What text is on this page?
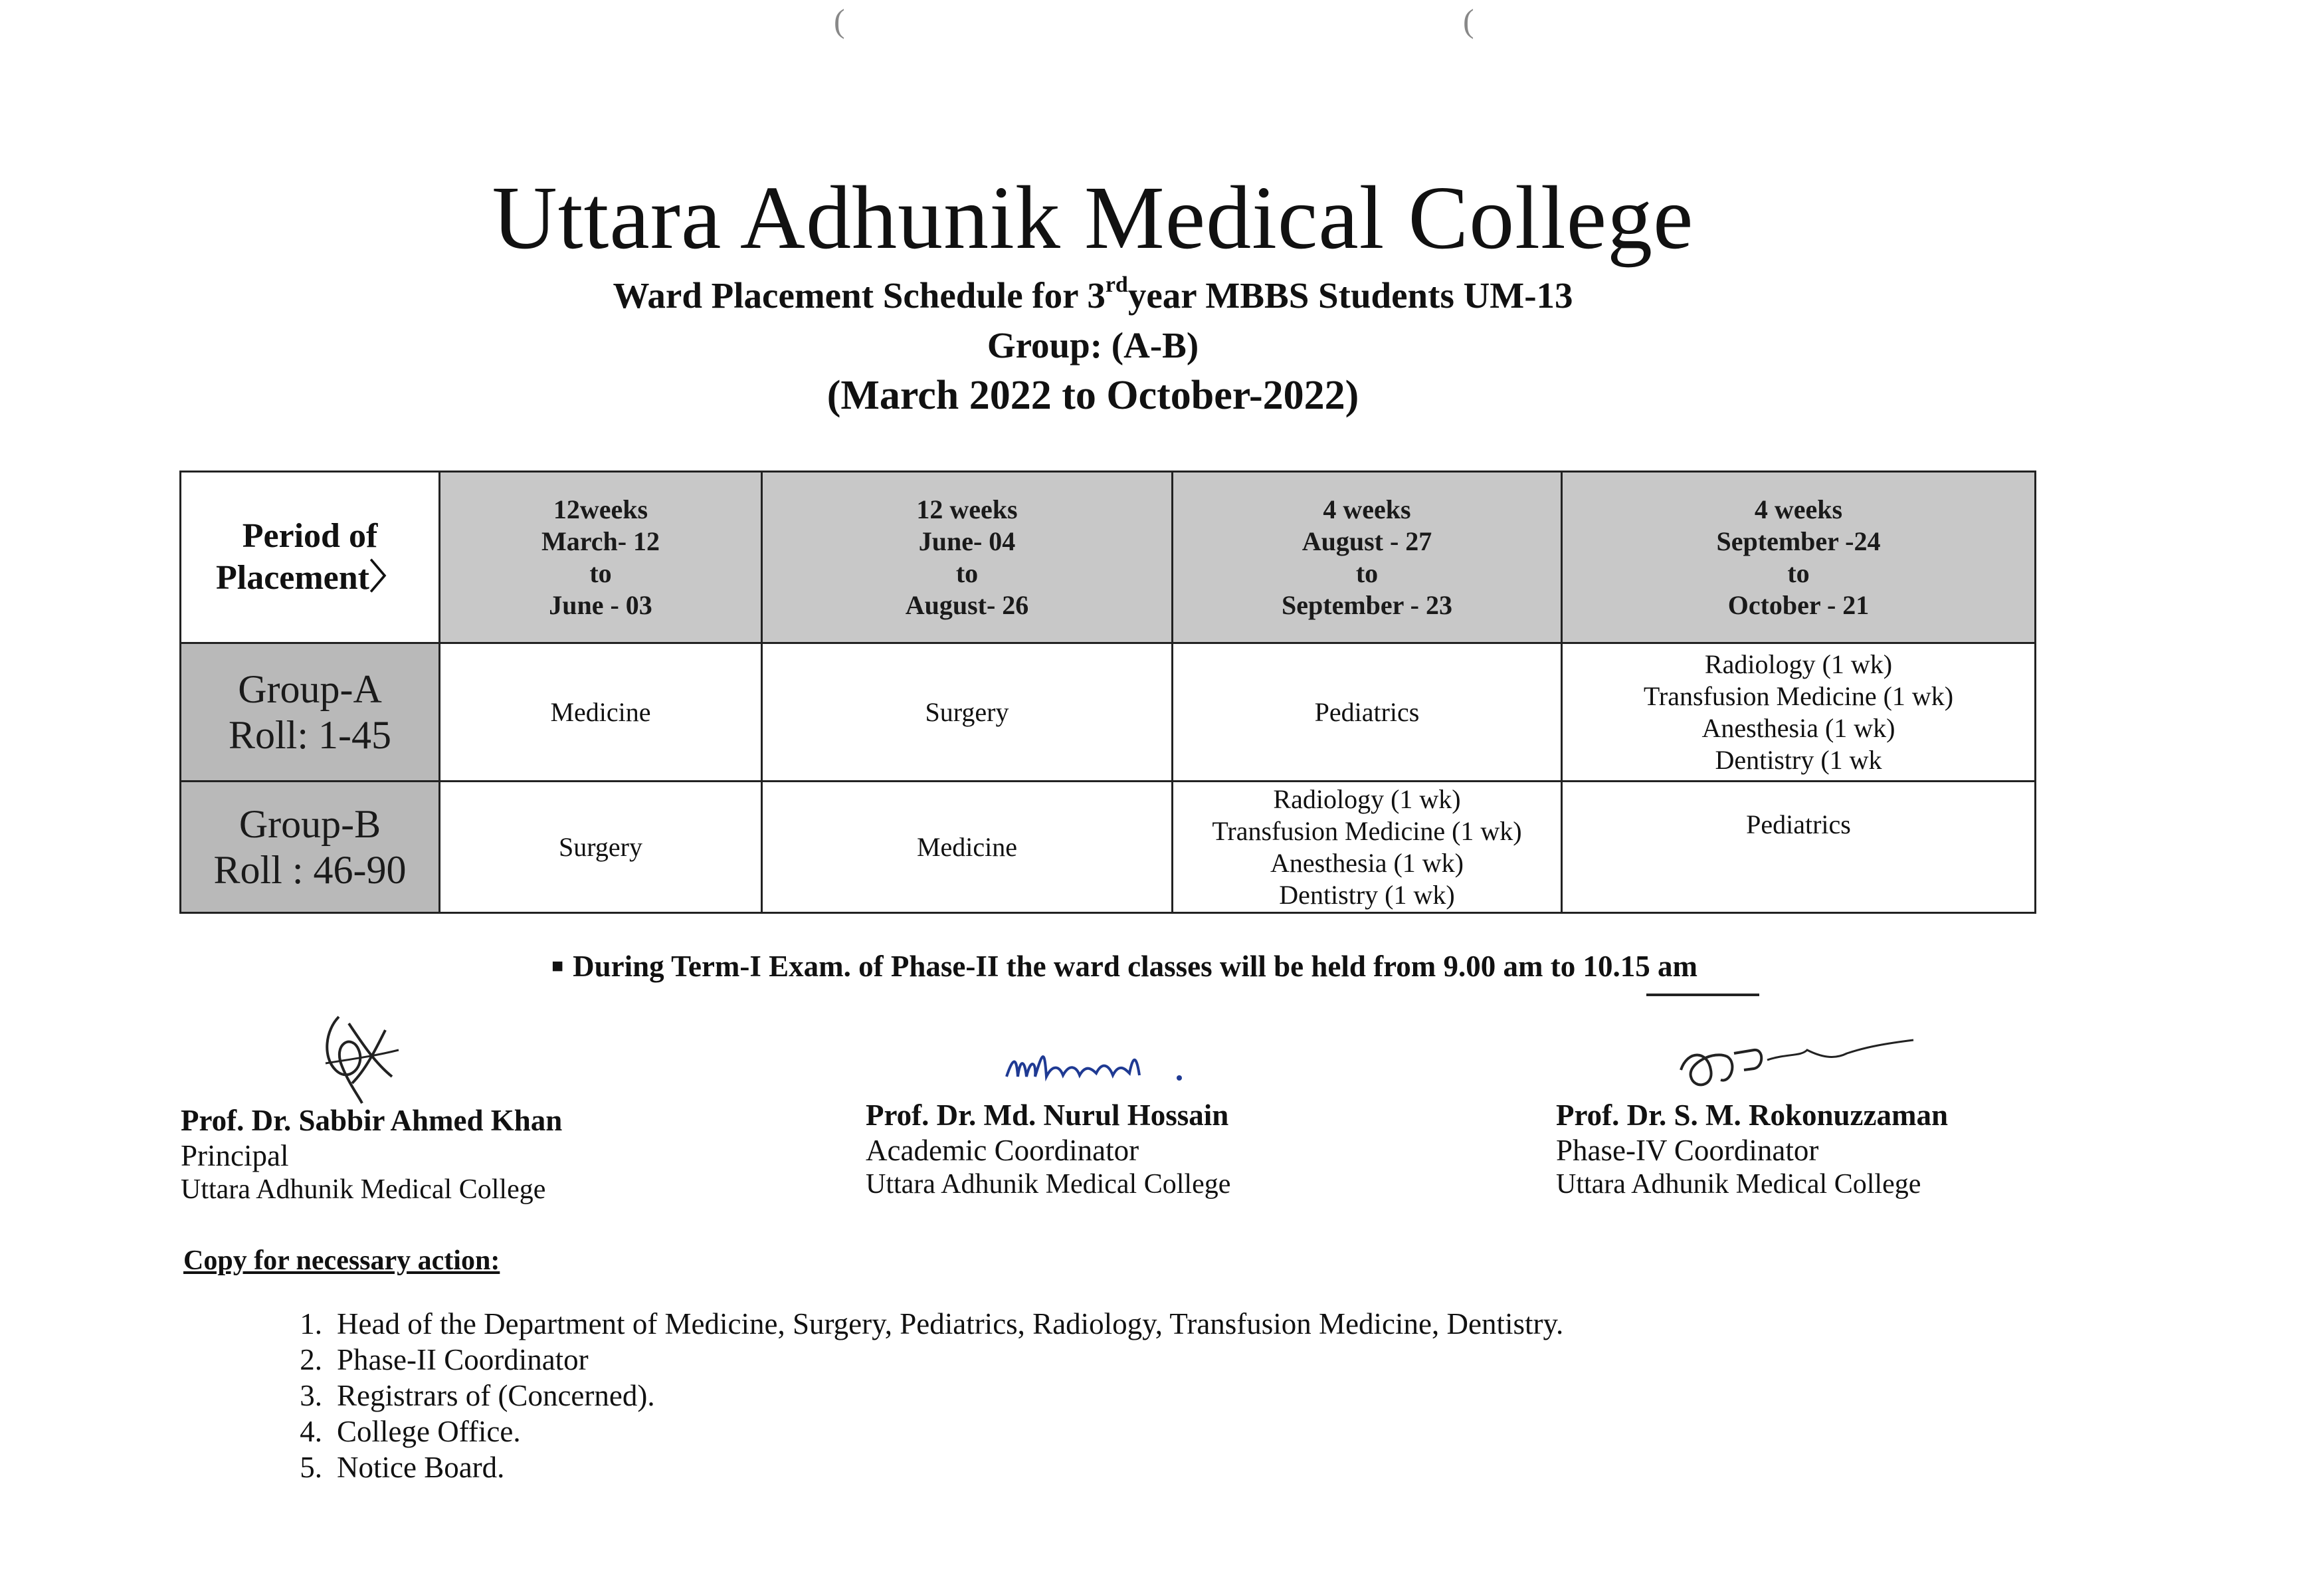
(	(
Uttara Adhunik Medical College

Ward Placement Schedule for 3rdyear MBBS Students UM-13

Group: (A-B)

(March 2022 to October-2022)

Period of
Placement〉	12weeks
March- 12
to
June - 03	12 weeks
June- 04
to
August- 26	4 weeks
August - 27
to
September - 23	4 weeks
September -24
to
October - 21

Group-A
Roll: 1-45	Medicine	Surgery	Pediatrics	Radiology (1 wk)
Transfusion Medicine (1 wk)
Anesthesia (1 wk)
Dentistry (1 wk

Group-B
Roll : 46-90	Surgery	Medicine	Radiology (1 wk)
Transfusion Medicine (1 wk)
Anesthesia (1 wk)
Dentistry (1 wk)	Pediatrics

■ During Term-I Exam. of Phase-II the ward classes will be held from 9.00 am to 10.15 am

Prof. Dr. Sabbir Ahmed Khan
Principal
Uttara Adhunik Medical College
Prof. Dr. Md. Nurul Hossain
Academic Coordinator
Uttara Adhunik Medical College
Prof. Dr. S. M. Rokonuzzaman
Phase-IV Coordinator
Uttara Adhunik Medical College

Copy for necessary action:

1. Head of the Department of Medicine, Surgery, Pediatrics, Radiology, Transfusion Medicine, Dentistry.
2. Phase-II Coordinator
3. Registrars of (Concerned).
4. College Office.
5. Notice Board.
